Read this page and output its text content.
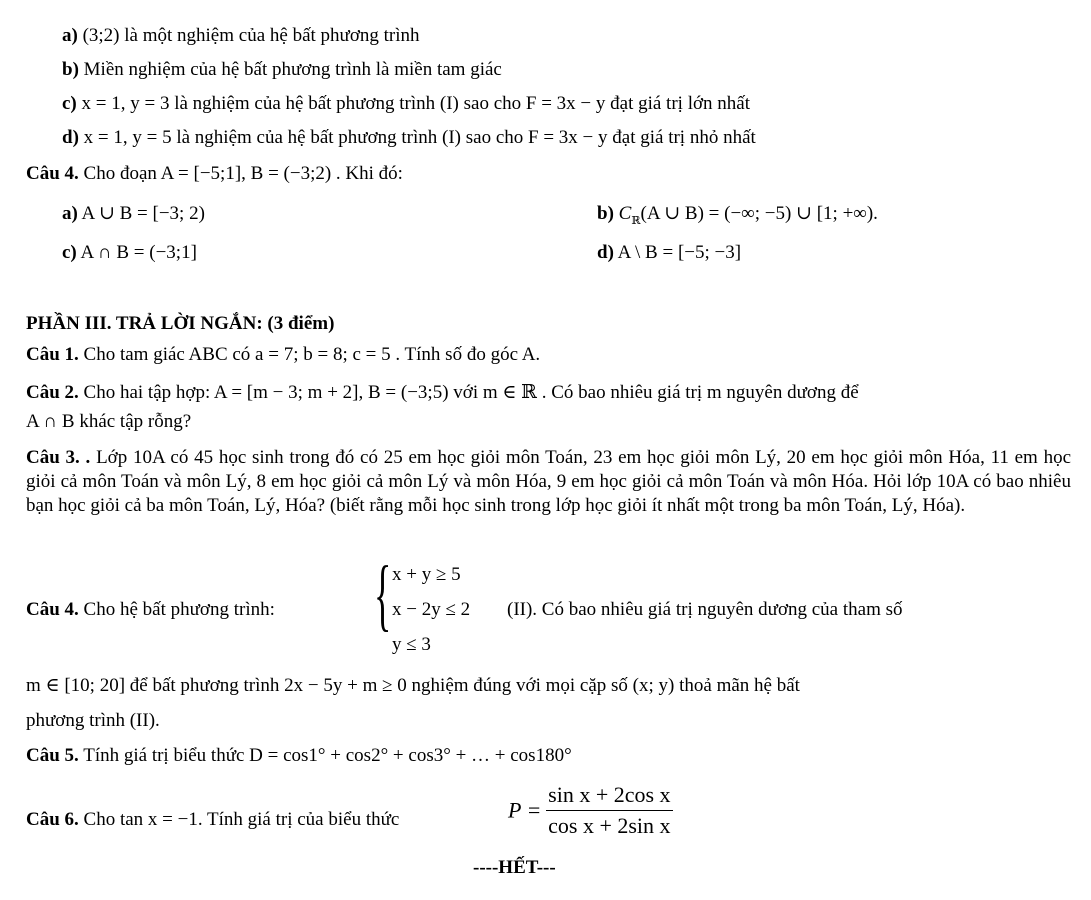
a) (3;2) là một nghiệm của hệ bất phương trình
b) Miền nghiệm của hệ bất phương trình là miền tam giác
c) x = 1, y = 3 là nghiệm của hệ bất phương trình (I) sao cho F = 3x − y đạt giá trị lớn nhất
d) x = 1, y = 5 là nghiệm của hệ bất phương trình (I) sao cho F = 3x − y đạt giá trị nhỏ nhất
Câu 4. Cho đoạn A = [−5;1], B = (−3;2) . Khi đó:
a) A ∪ B = [−3; 2)	b) $C_ℝ(A$ ∪ B) = (−∞; −5) ∪ [1; +∞).
c) A ∩ B = (−3;1]	d) A \ B = [−5; −3]
PHẦN III. TRẢ LỜI NGẮN: (3 điểm)
Câu 1. Cho tam giác ABC có a = 7; b = 8; c = 5 . Tính số đo góc A.
Câu 2. Cho hai tập hợp: A = [m − 3; m + 2], B = (−3;5) với m ∈ ℝ . Có bao nhiêu giá trị m nguyên dương để
A ∩ B khác tập rỗng?
Câu 3. . Lớp 10A có 45 học sinh trong đó có 25 em học giỏi môn Toán, 23 em học giỏi môn Lý, 20 em học giỏi môn Hóa, 11 em học giỏi cả môn Toán và môn Lý, 8 em học giỏi cả môn Lý và môn Hóa, 9 em học giỏi cả môn Toán và môn Hóa. Hỏi lớp 10A có bao nhiêu bạn học giỏi cả ba môn Toán, Lý, Hóa? (biết rằng mỗi học sinh trong lớp học giỏi ít nhất một trong ba môn Toán, Lý, Hóa).
Câu 4. Cho hệ bất phương trình: { x + y ≥ 5
x − 2y ≤ 2
y ≤ 3
(II). Có bao nhiêu giá trị nguyên dương của tham số
m ∈ [10; 20] để bất phương trình 2x − 5y + m ≥ 0 nghiệm đúng với mọi cặp số (x; y) thoả mãn hệ bất
phương trình (II).
Câu 5. Tính giá trị biểu thức D = cos1° + cos2° + cos3° + … + cos180°
Câu 6. Cho tan x = −1. Tính giá trị của biểu thức	$P = \frac{\text{sin x + 2cos x}}{\text{cos x + 2sin x}}$
----HẾT---
